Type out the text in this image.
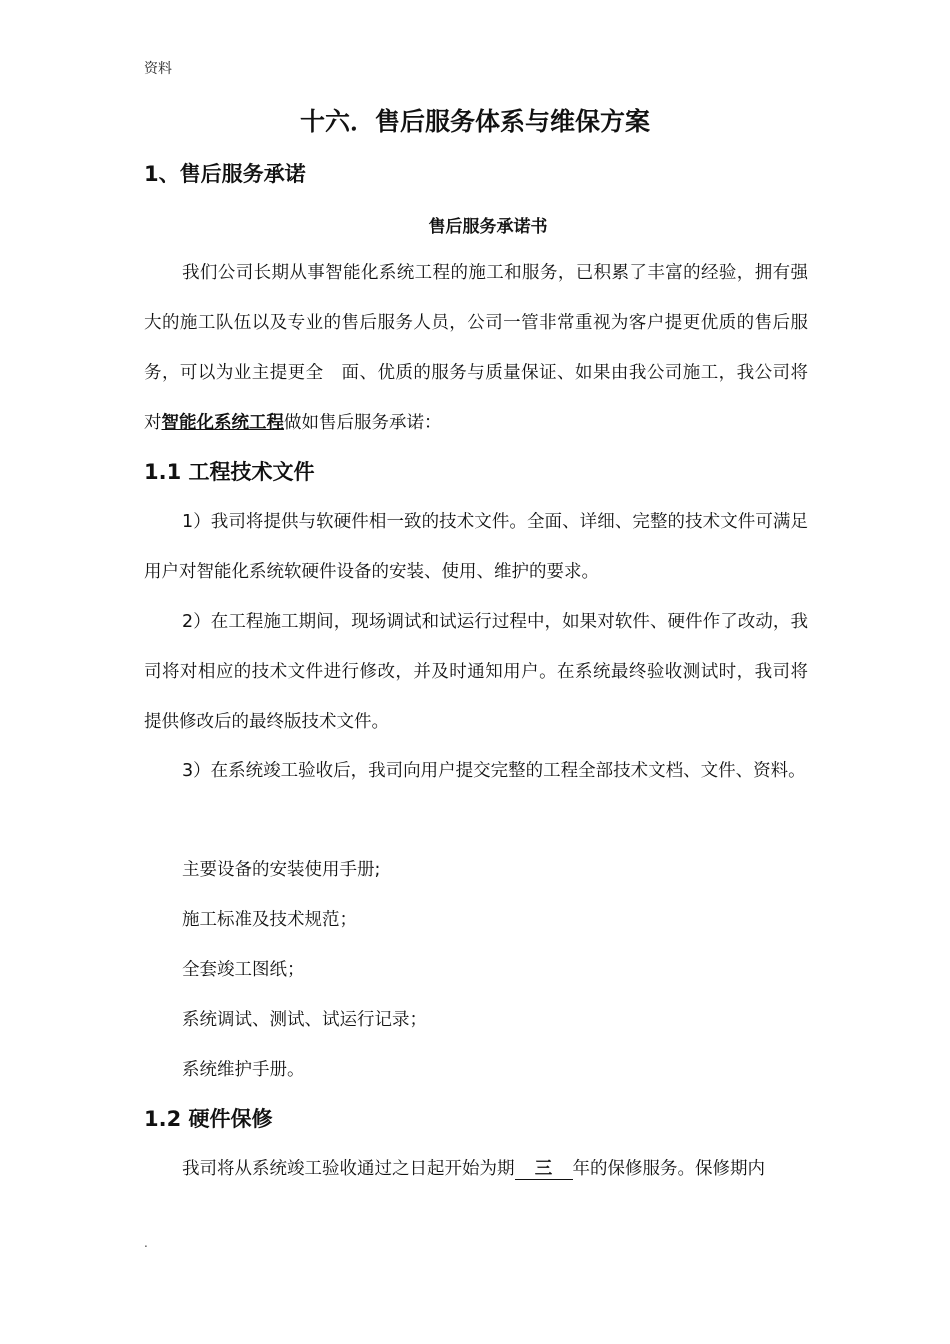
资料
十六．售后服务体系与维保方案
1、售后服务承诺
售后服务承诺书
我们公司长期从事智能化系统工程的施工和服务，已积累了丰富的经验，拥有强大的施工队伍以及专业的售后服务人员，公司一管非常重视为客户提更优质的售后服务，可以为业主提更全　面、优质的服务与质量保证、如果由我公司施工，我公司将对智能化系统工程做如售后服务承诺：
1.1 工程技术文件
1）我司将提供与软硬件相一致的技术文件。全面、详细、完整的技术文件可满足用户对智能化系统软硬件设备的安装、使用、维护的要求。
2）在工程施工期间，现场调试和试运行过程中，如果对软件、硬件作了改动，我司将对相应的技术文件进行修改，并及时通知用户。在系统最终验收测试时，我司将提供修改后的最终版技术文件。
3）在系统竣工验收后，我司向用户提交完整的工程全部技术文档、文件、资料。
主要设备的安装使用手册;
施工标准及技术规范；
全套竣工图纸；
系统调试、测试、试运行记录；
系统维护手册。
1.2 硬件保修
我司将从系统竣工验收通过之日起开始为期 三 年的保修服务。保修期内
.
